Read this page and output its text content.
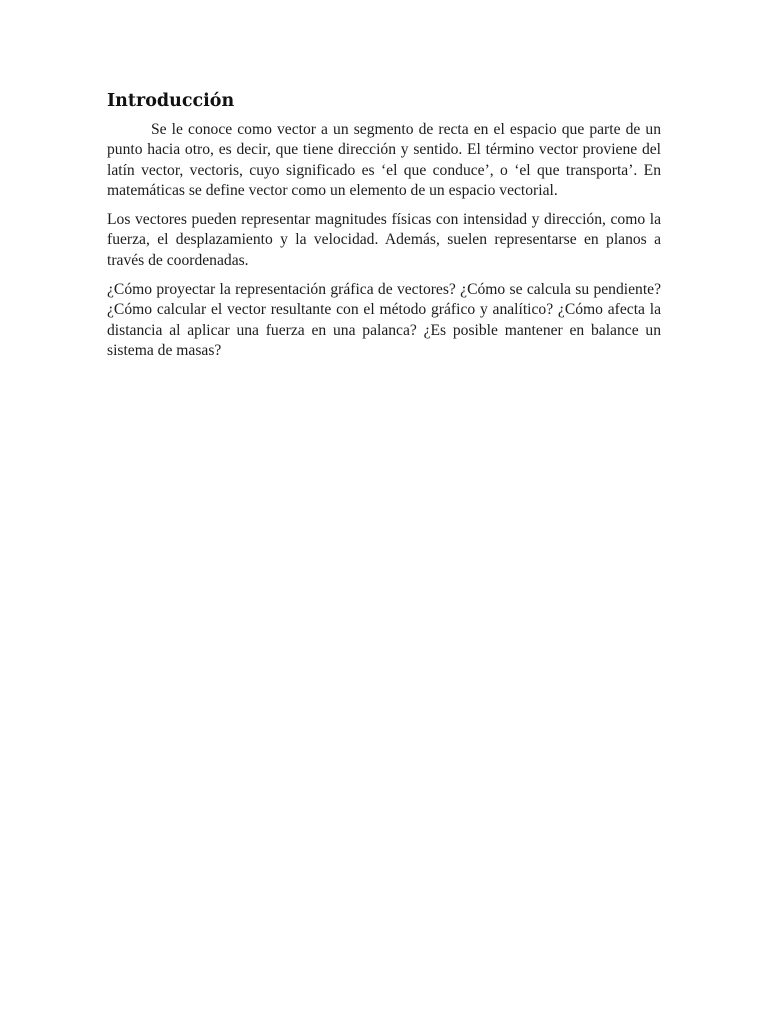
Introducción

Se le conoce como vector a un segmento de recta en el espacio que parte de un punto hacia otro, es decir, que tiene dirección y sentido. El término vector proviene del latín vector, vectoris, cuyo significado es ‘el que conduce’, o ‘el que transporta’. En matemáticas se define vector como un elemento de un espacio vectorial.

Los vectores pueden representar magnitudes físicas con intensidad y dirección, como la fuerza, el desplazamiento y la velocidad. Además, suelen representarse en planos a través de coordenadas.

¿Cómo proyectar la representación gráfica de vectores? ¿Cómo se calcula su pendiente? ¿Cómo calcular el vector resultante con el método gráfico y analítico? ¿Cómo afecta la distancia al aplicar una fuerza en una palanca? ¿Es posible mantener en balance un sistema de masas?
